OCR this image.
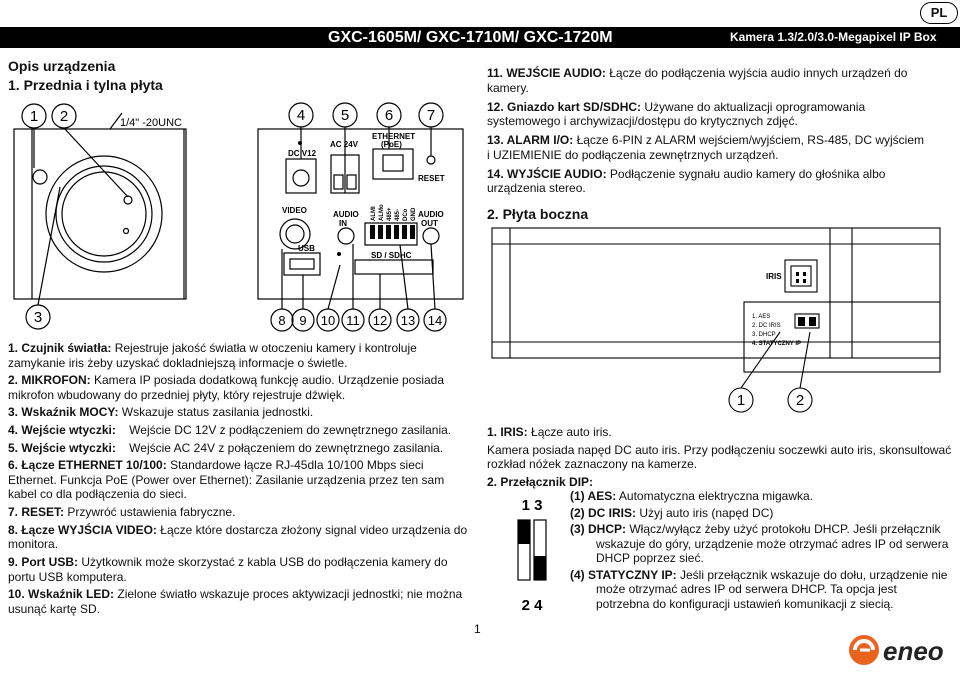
PL
GXC-1605M/ GXC-1710M/ GXC-1720M	Kamera 1.3/2.0/3.0-Megapixel IP Box
Opis urządzenia
1. Przednia i tylna płyta
1 2	4 5 6 7
3	8 9 10 11 12 13 14
1/4" -20UNC
DC V12
AC 24V
ETHERNET
(PoE)
RESET
VIDEO	AUDIO
IN
AUDIO
OUT
USB
SD / SDHC
ALMI ALMo 485+ 485- DCo GND
11. WEJŚCIE AUDIO: Łącze do podłączenia wyjścia audio innych urządzeń do kamery.
12. Gniazdo kart SD/SDHC: Używane do aktualizacji oprogramowania systemowego i archywizacji/dostępu do krytycznych zdjęć.
13. ALARM I/O: Łącze 6-PIN z ALARM wejściem/wyjściem, RS-485, DC wyjściem i UZIEMIENIE do podłączenia zewnętrznych urządzeń.
14. WYJŚCIE AUDIO: Podłączenie sygnału audio kamery do głośnika albo urządzenia stereo.
2. Płyta boczna
IRIS
1. AES
2. DC IRIS
3. DHCP
4. STATYCZNY IP
1	2
1. Czujnik światła: Rejestruje jakość światła w otoczeniu kamery i kontroluje zamykanie iris żeby uzyskać dokladniejszą informacje o świetle.
2. MIKROFON: Kamera IP posiada dodatkową funkcję audio. Urządzenie posiada mikrofon wbudowany do przedniej płyty, który rejestruje dźwięk.
3. Wskaźnik MOCY: Wskazuje status zasilania jednostki.
4. Wejście wtyczki:    Wejście DC 12V z podłączeniem do zewnętrznego zasilania.
5. Wejście wtyczki:    Wejście AC 24V z połączeniem do zewnętrznego zasilania.
6. Łącze ETHERNET 10/100: Standardowe łącze RJ-45dla 10/100 Mbps sieci Ethernet. Funkcja PoE (Power over Ethernet): Zasilanie urządzenia przez ten sam kabel co dla podłączenia do sieci.
7. RESET: Przywróć ustawienia fabryczne.
8. Łącze WYJŚCIA VIDEO: Łącze które dostarcza złożony signal video urządzenia do monitora.
9. Port USB: Użytkownik może skorzystać z kabla USB do podłączenia kamery do portu USB komputera.
10. Wskaźnik LED: Zielone światło wskazuje proces aktywizacji jednostki; nie można usunąć kartę SD.
1. IRIS: Łącze auto iris.
Kamera posiada napęd DC auto iris. Przy podłączeniu soczewki auto iris, skonsultować rozkład nóżek zaznaczony na kamerze.
2. Przełącznik DIP:
1 3
2 4
(1) AES: Automatyczna elektryczna migawka.
(2) DC IRIS: Użyj auto iris (napęd DC)
(3) DHCP: Włącz/wyłącz żeby użyć protokołu DHCP. Jeśli przełącznik wskazuje do góry, urządzenie może otrzymać adres IP od serwera DHCP poprzez sieć.
(4) STATYCZNY IP: Jeśli przełącznik wskazuje do dołu, urządzenie nie może otrzymać adres IP od serwera DHCP. Ta opcja jest potrzebna do konfiguracji ustawień komunikacji z siecią.
1
eneo
